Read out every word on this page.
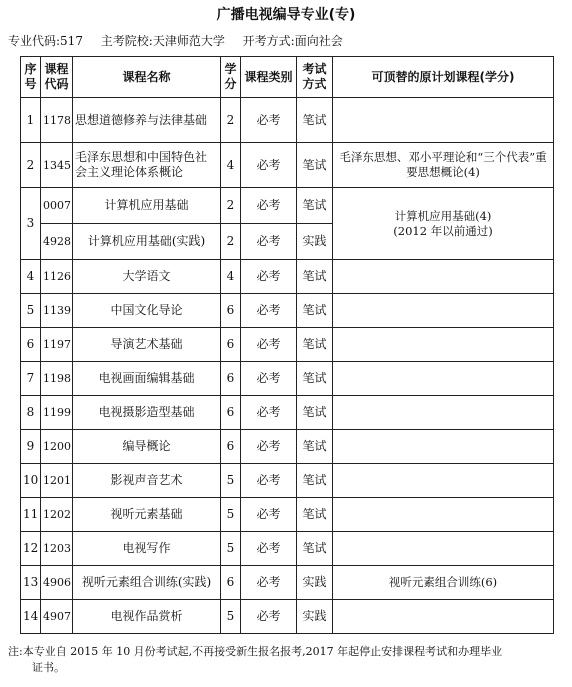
广播电视编导专业(专)
专业代码:517 主考院校:天津师范大学 开考方式:面向社会
序号	课程代码	课程名称	学分	课程类别	考试方式	可顶替的原计划课程(学分)
1	1178	思想道德修养与法律基础	2	必考	笔试	
2	1345	毛泽东思想和中国特色社会主义理论体系概论	4	必考	笔试	毛泽东思想、邓小平理论和“三个代表”重要思想概论(4)
3	0007	计算机应用基础	2	必考	笔试	计算机应用基础(4)
(2012 年以前通过)

	4928	计算机应用基础(实践)	2	必考	实践	
4	1126	大学语文	4	必考	笔试	
5	1139	中国文化导论	6	必考	笔试	
6	1197	导演艺术基础	6	必考	笔试	
7	1198	电视画面编辑基础	6	必考	笔试	
8	1199	电视摄影造型基础	6	必考	笔试	
9	1200	编导概论	6	必考	笔试	
10	1201	影视声音艺术	5	必考	笔试	
11	1202	视听元素基础	5	必考	笔试	
12	1203	电视写作	5	必考	笔试	
13	4906	视听元素组合训练(实践)	6	必考	实践	视听元素组合训练(6)
14	4907	电视作品赏析	5	必考	实践	
注:本专业自 2015 年 10 月份考试起,不再接受新生报名报考,2017 年起停止安排课程考试和办理毕业
证书。
